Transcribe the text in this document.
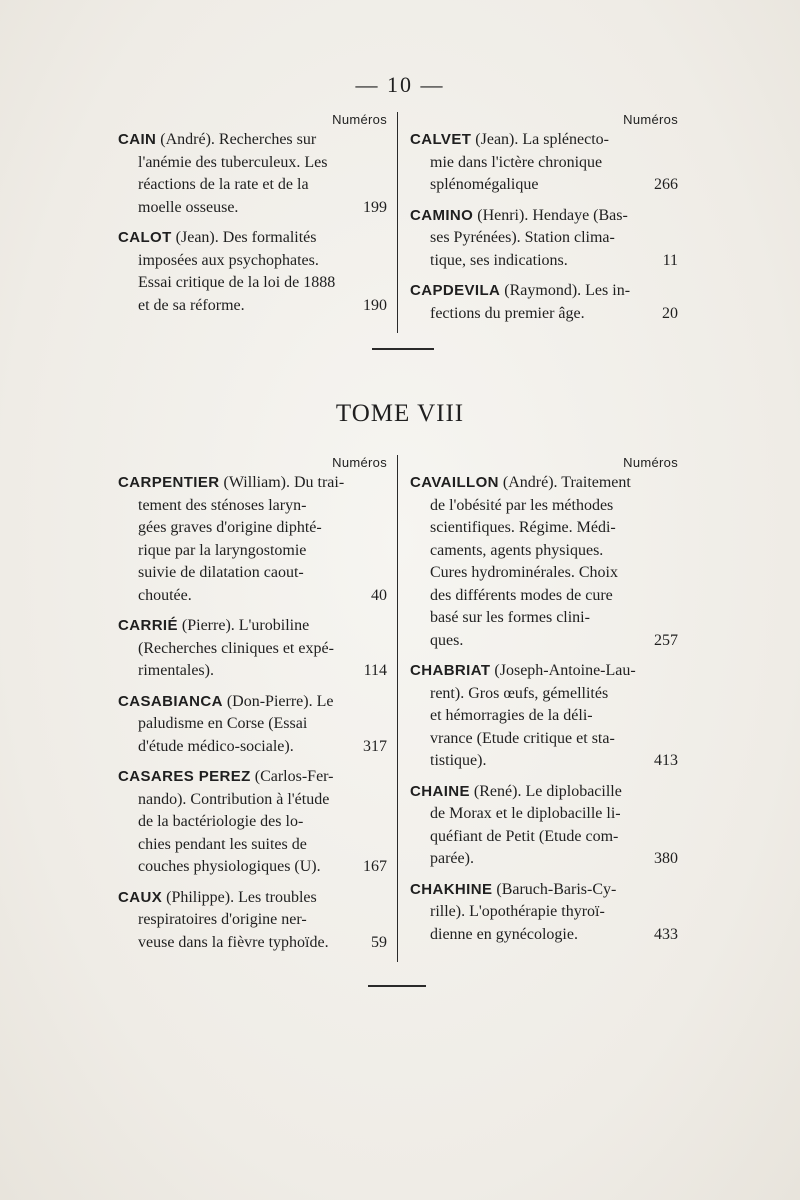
— 10 —
Numéros
CAIN (André). Recherches sur
l'anémie des tuberculeux. Les
réactions de la rate et de la
moelle osseuse.	199
CALOT (Jean). Des formalités
imposées aux psychophates.
Essai critique de la loi de 1888
et de sa réforme.	190
Numéros
CALVET (Jean). La splénecto-
mie dans l'ictère chronique
splénomégalique	266
CAMINO (Henri). Hendaye (Bas-
ses Pyrénées). Station clima-
tique, ses indications.	11
CAPDEVILA (Raymond). Les in-
fections du premier âge.	20
TOME VIII
Numéros
CARPENTIER (William). Du trai-
tement des sténoses laryn-
gées graves d'origine diphté-
rique par la laryngostomie
suivie de dilatation caout-
choutée.	40
CARRIÉ (Pierre). L'urobiline
(Recherches cliniques et expé-
rimentales).	114
CASABIANCA (Don-Pierre). Le
paludisme en Corse (Essai
d'étude médico-sociale).	317
CASARES PEREZ (Carlos-Fer-
nando). Contribution à l'étude
de la bactériologie des lo-
chies pendant les suites de
couches physiologiques (U).	167
CAUX (Philippe). Les troubles
respiratoires d'origine ner-
veuse dans la fièvre typhoïde.	59
Numéros
CAVAILLON (André). Traitement
de l'obésité par les méthodes
scientifiques. Régime. Médi-
caments, agents physiques.
Cures hydrominérales. Choix
des différents modes de cure
basé sur les formes clini-
ques.	257
CHABRIAT (Joseph-Antoine-Lau-
rent). Gros œufs, gémellités
et hémorragies de la déli-
vrance (Etude critique et sta-
tistique).	413
CHAINE (René). Le diplobacille
de Morax et le diplobacille li-
quéfiant de Petit (Etude com-
parée).	380
CHAKHINE (Baruch-Baris-Cy-
rille). L'opothérapie thyroï-
dienne en gynécologie.	433
